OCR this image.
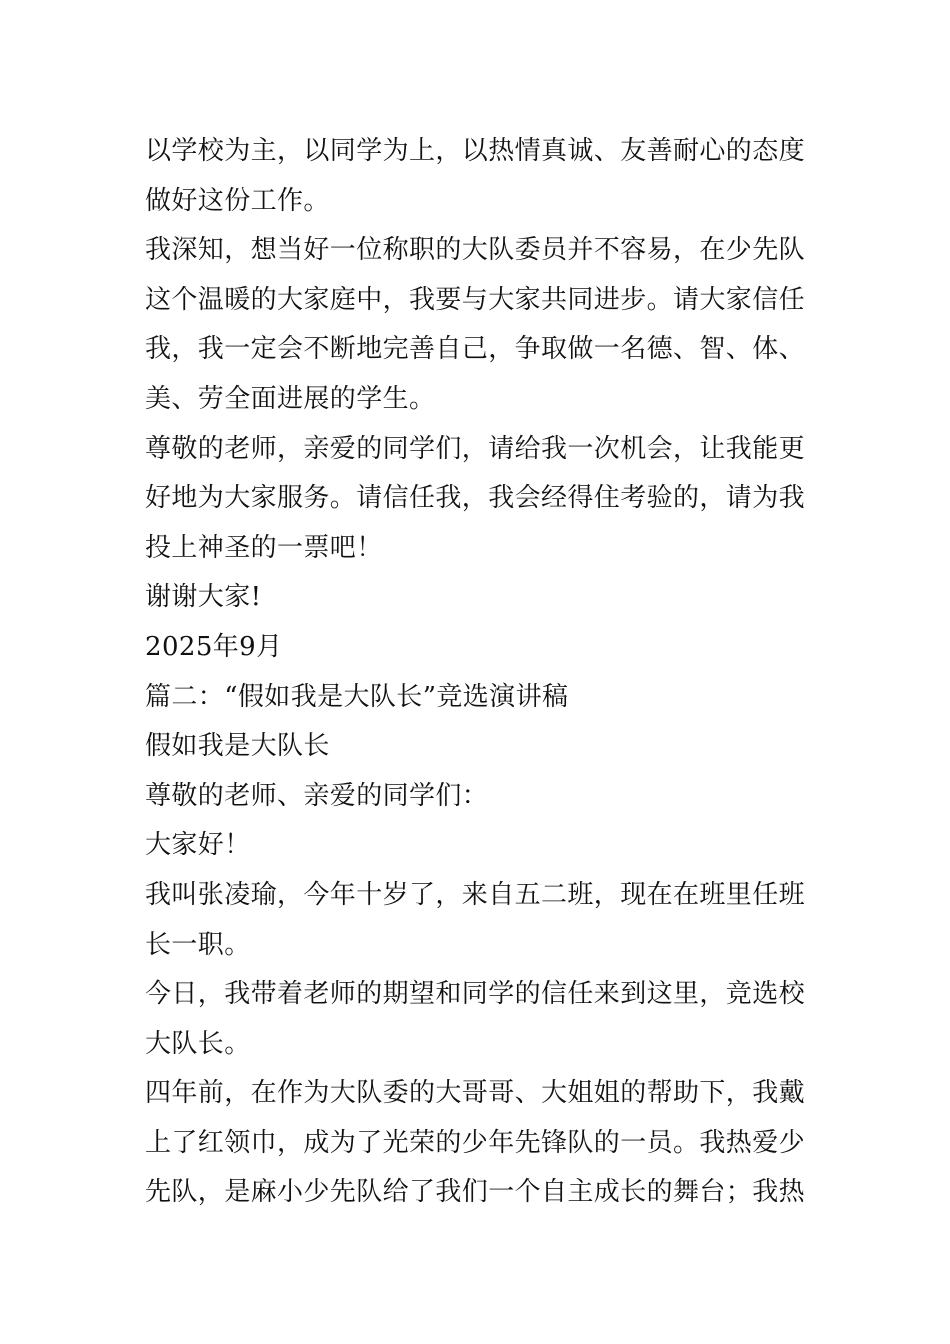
以学校为主，以同学为上，以热情真诚、友善耐心的态度
做好这份工作。
我深知，想当好一位称职的大队委员并不容易，在少先队
这个温暖的大家庭中，我要与大家共同进步。请大家信任
我，我一定会不断地完善自己，争取做一名德、智、体、
美、劳全面进展的学生。
尊敬的老师，亲爱的同学们，请给我一次机会，让我能更
好地为大家服务。请信任我，我会经得住考验的，请为我
投上神圣的一票吧！
谢谢大家!
2025年9月
篇二：“假如我是大队长”竞选演讲稿
假如我是大队长
尊敬的老师、亲爱的同学们：
大家好！
我叫张凌瑜，今年十岁了，来自五二班，现在在班里任班
长一职。
今日，我带着老师的期望和同学的信任来到这里，竞选校
大队长。
四年前，在作为大队委的大哥哥、大姐姐的帮助下，我戴
上了红领巾，成为了光荣的少年先锋队的一员。我热爱少
先队，是麻小少先队给了我们一个自主成长的舞台；我热
